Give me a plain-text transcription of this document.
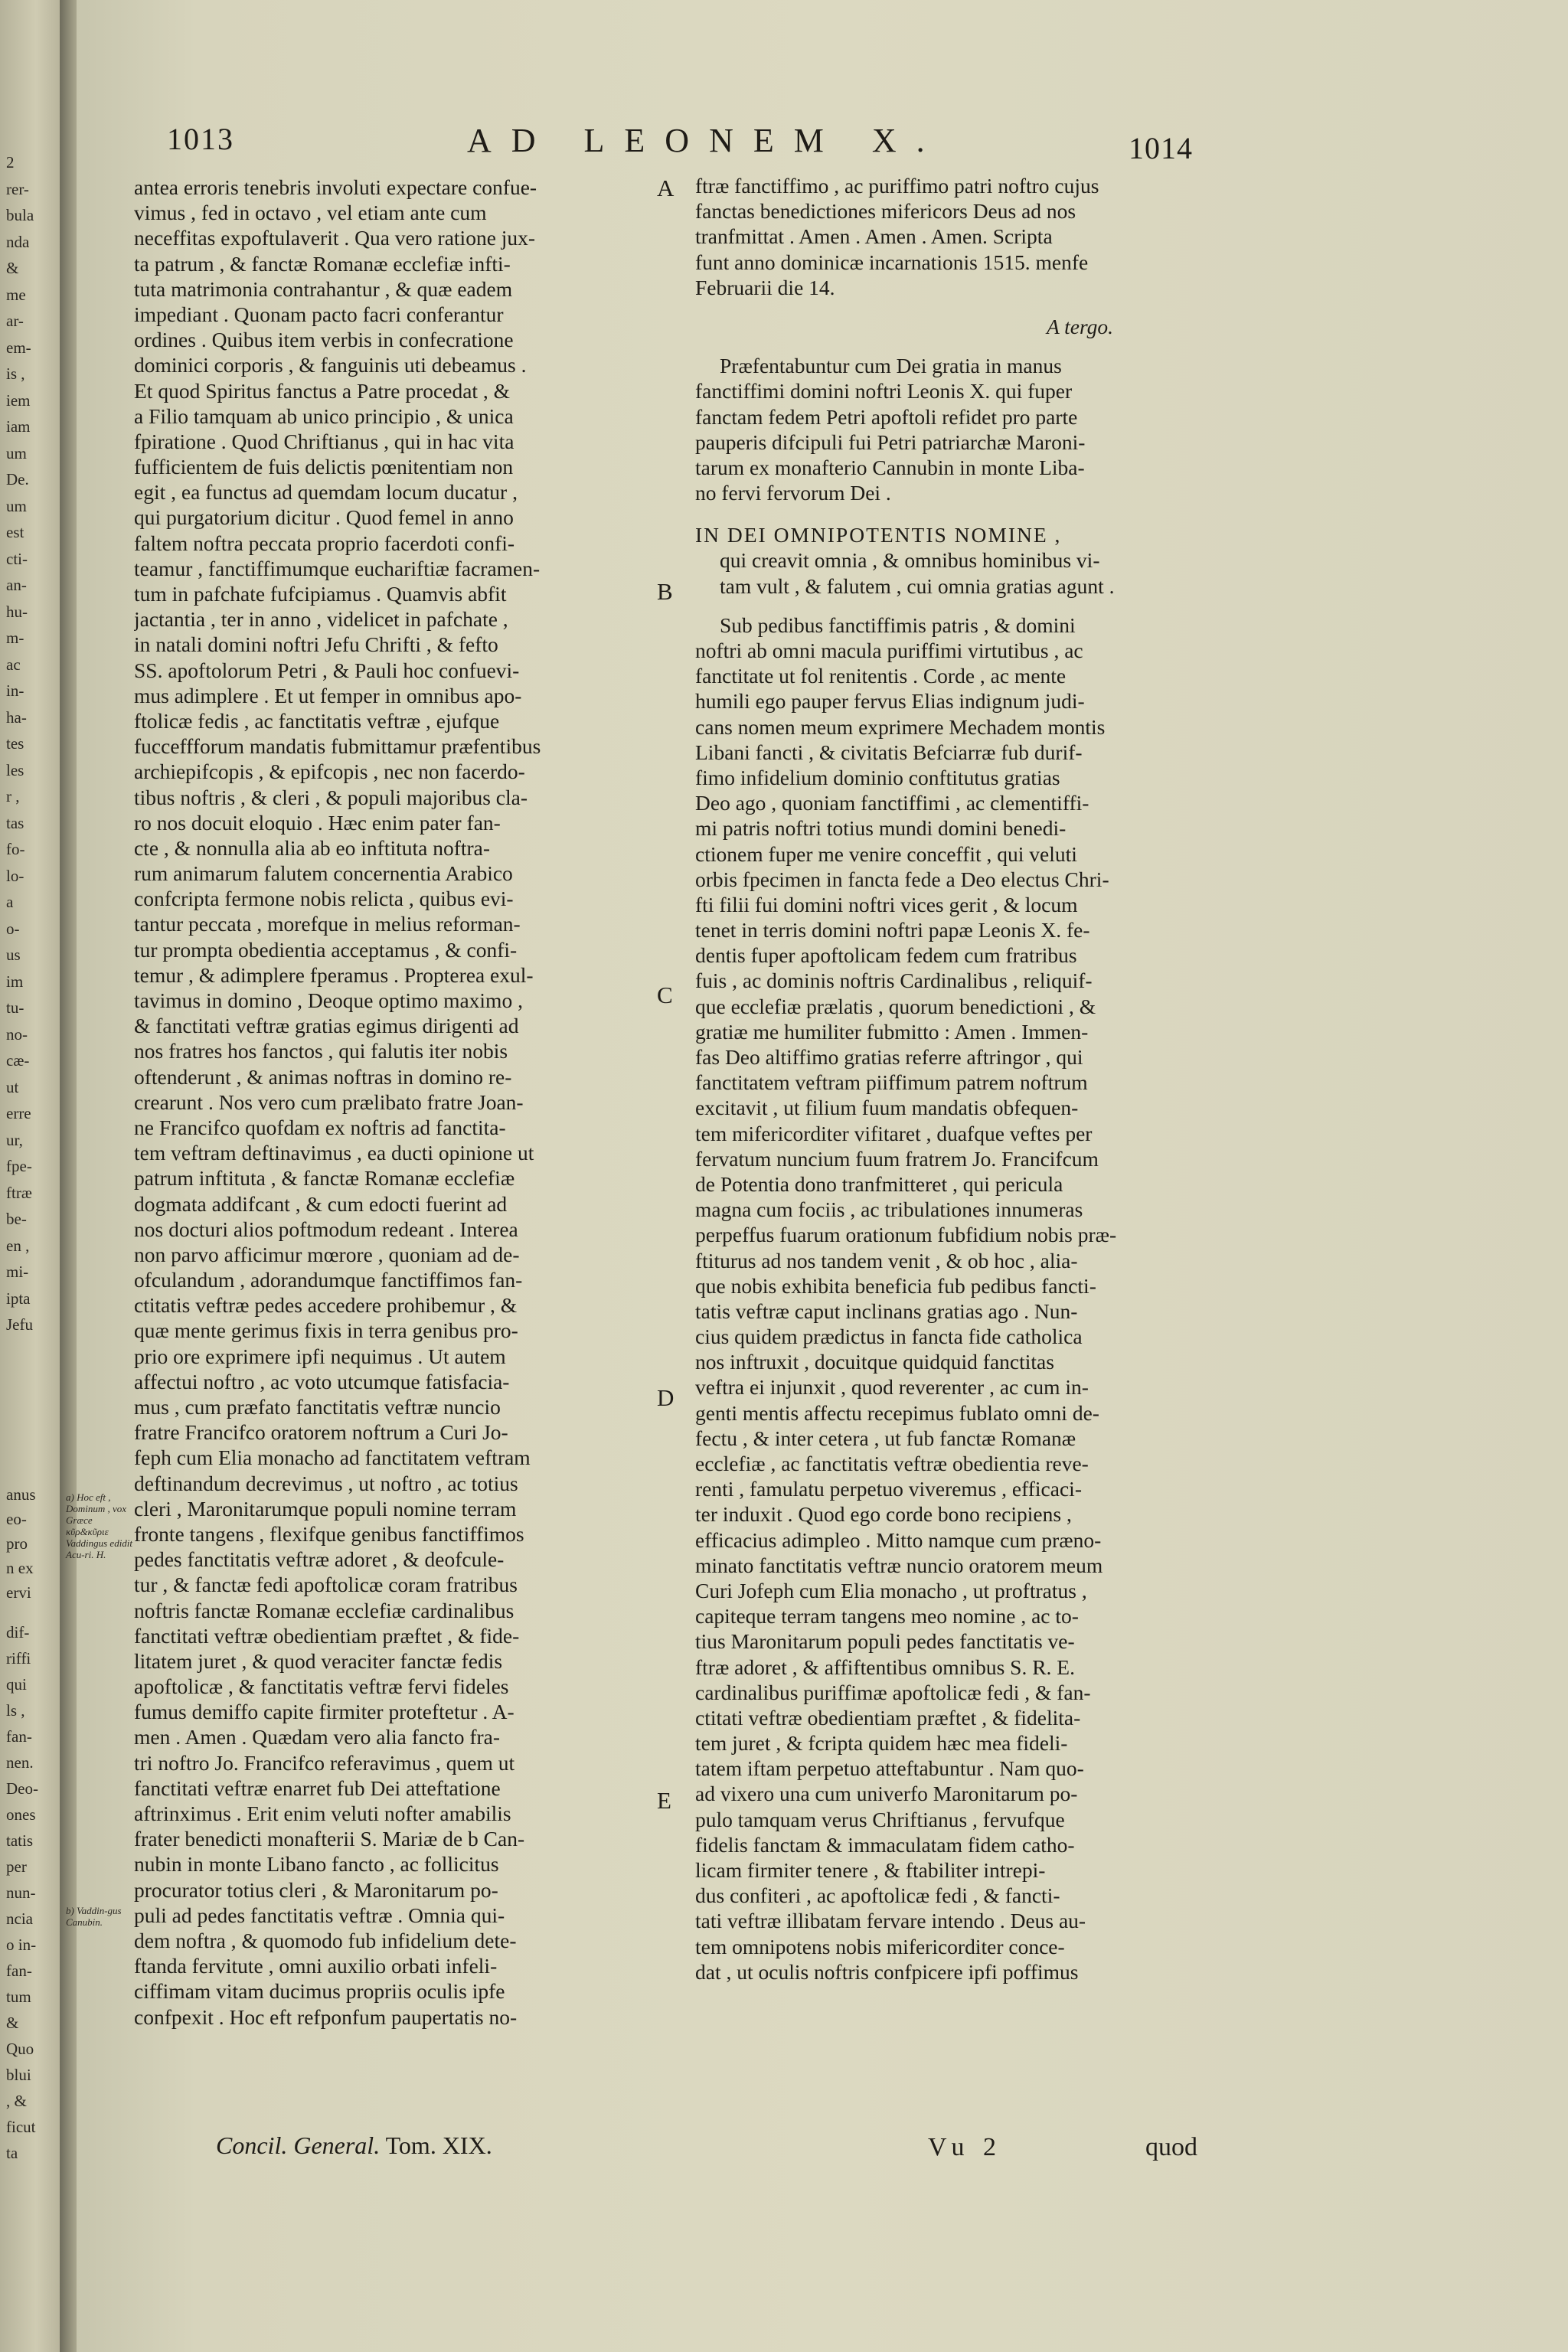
2
rer-
bula
nda
&
me
ar-
em-
is ,
iem
iam
um
De.
um
est
cti-
an-
hu-
m-
ac
in-
ha-
tes
les
r ,
tas
fo-
lo-
a
o-
us
im
tu-
no-
cæ-
ut
erre
ur,
fpe-
ftræ
be-
en ,
mi-
ipta
Jefu
anus
eo-
pro
n ex
ervi
dif-
riffi
qui
ls ,
fan-
nen.
Deo-
ones
tatis
per
nun-
ncia
o in-
fan-
tum
&
Quo
blui
, &
ficut
ta
1013	AD LEONEM X.	1014
antea erroris tenebris involuti expectare confue-
vimus , fed in octavo , vel etiam ante cum
neceffitas expoftulaverit . Qua vero ratione jux-
ta patrum , & fanctæ Romanæ ecclefiæ infti-
tuta matrimonia contrahantur , & quæ eadem
impediant . Quonam pacto facri conferantur
ordines . Quibus item verbis in confecratione
dominici corporis , & fanguinis uti debeamus .
Et quod Spiritus fanctus a Patre procedat , &
a Filio tamquam ab unico principio , & unica
fpiratione . Quod Chriftianus , qui in hac vita
fufficientem de fuis delictis pœnitentiam non
egit , ea functus ad quemdam locum ducatur ,
qui purgatorium dicitur . Quod femel in anno
faltem noftra peccata proprio facerdoti confi-
teamur , fanctiffimumque euchariftiæ facramen-
tum in pafchate fufcipiamus . Quamvis abfit
jactantia , ter in anno , videlicet in pafchate ,
in natali domini noftri Jefu Chrifti , & fefto
SS. apoftolorum Petri , & Pauli hoc confuevi-
mus adimplere . Et ut femper in omnibus apo-
ftolicæ fedis , ac fanctitatis veftræ , ejufque
fucceffforum mandatis fubmittamur præfentibus
archiepifcopis , & epifcopis , nec non facerdo-
tibus noftris , & cleri , & populi majoribus cla-
ro nos docuit eloquio . Hæc enim pater fan-
cte , & nonnulla alia ab eo inftituta noftra-
rum animarum falutem concernentia Arabico
confcripta fermone nobis relicta , quibus evi-
tantur peccata , morefque in melius reforman-
tur prompta obedientia acceptamus , & confi-
temur , & adimplere fperamus . Propterea exul-
tavimus in domino , Deoque optimo maximo ,
& fanctitati veftræ gratias egimus dirigenti ad
nos fratres hos fanctos , qui falutis iter nobis
oftenderunt , & animas noftras in domino re-
crearunt . Nos vero cum prælibato fratre Joan-
ne Francifco quofdam ex noftris ad fanctita-
tem veftram deftinavimus , ea ducti opinione ut
patrum inftituta , & fanctæ Romanæ ecclefiæ
dogmata addifcant , & cum edocti fuerint ad
nos docturi alios poftmodum redeant . Interea
non parvo afficimur mœrore , quoniam ad de-
ofculandum , adorandumque fanctiffimos fan-
ctitatis veftræ pedes accedere prohibemur , &
quæ mente gerimus fixis in terra genibus pro-
prio ore exprimere ipfi nequimus . Ut autem
affectui noftro , ac voto utcumque fatisfacia-
mus , cum præfato fanctitatis veftræ nuncio
fratre Francifco oratorem noftrum a Curi Jo-
feph cum Elia monacho ad fanctitatem veftram
deftinandum decrevimus , ut noftro , ac totius
cleri , Maronitarumque populi nomine terram
fronte tangens , flexifque genibus fanctiffimos
pedes fanctitatis veftræ adoret , & deofcule-
tur , & fanctæ fedi apoftolicæ coram fratribus
noftris fanctæ Romanæ ecclefiæ cardinalibus
fanctitati veftræ obedientiam præftet , & fide-
litatem juret , & quod veraciter fanctæ fedis
apoftolicæ , & fanctitatis veftræ fervi fideles
fumus demiffo capite firmiter proteftetur . A-
men . Amen . Quædam vero alia fancto fra-
tri noftro Jo. Francifco referavimus , quem ut
fanctitati veftræ enarret fub Dei atteftatione
aftrinximus . Erit enim veluti nofter amabilis
frater benedicti monafterii S. Mariæ de b Can-
nubin in monte Libano fancto , ac follicitus
procurator totius cleri , & Maronitarum po-
puli ad pedes fanctitatis veftræ . Omnia qui-
dem noftra , & quomodo fub infidelium dete-
ftanda fervitute , omni auxilio orbati infeli-
ciffimam vitam ducimus propriis oculis ipfe
confpexit . Hoc eft refponfum paupertatis no-
A
B
C
D
E
a) Hoc eft , Dominum , vox Græce κῦρ&κῦριε Vaddingus edidit Acu-ri. H.
b) Vaddin-gus Canubin.
ftræ fanctiffimo , ac puriffimo patri noftro cujus
fanctas benedictiones mifericors Deus ad nos
tranfmittat . Amen . Amen . Amen. Scripta
funt anno dominicæ incarnationis 1515. menfe
Februarii die 14.
A tergo.
Præfentabuntur cum Dei gratia in manus
fanctiffimi domini noftri Leonis X. qui fuper
fanctam fedem Petri apoftoli refidet pro parte
pauperis difcipuli fui Petri patriarchæ Maroni-
tarum ex monafterio Cannubin in monte Liba-
no fervi fervorum Dei .
IN DEI OMNIPOTENTIS NOMINE ,
qui creavit omnia , & omnibus hominibus vi-
tam vult , & falutem , cui omnia gratias agunt .
Sub pedibus fanctiffimis patris , & domini
noftri ab omni macula puriffimi virtutibus , ac
fanctitate ut fol renitentis . Corde , ac mente
humili ego pauper fervus Elias indignum judi-
cans nomen meum exprimere Mechadem montis
Libani fancti , & civitatis Befciarræ fub durif-
fimo infidelium dominio conftitutus gratias
Deo ago , quoniam fanctiffimi , ac clementiffi-
mi patris noftri totius mundi domini benedi-
ctionem fuper me venire conceffit , qui veluti
orbis fpecimen in fancta fede a Deo electus Chri-
fti filii fui domini noftri vices gerit , & locum
tenet in terris domini noftri papæ Leonis X. fe-
dentis fuper apoftolicam fedem cum fratribus
fuis , ac dominis noftris Cardinalibus , reliquif-
que ecclefiæ prælatis , quorum benedictioni , &
gratiæ me humiliter fubmitto : Amen . Immen-
fas Deo altiffimo gratias referre aftringor , qui
fanctitatem veftram piiffimum patrem noftrum
excitavit , ut filium fuum mandatis obfequen-
tem mifericorditer vifitaret , duafque veftes per
fervatum nuncium fuum fratrem Jo. Francifcum
de Potentia dono tranfmitteret , qui pericula
magna cum fociis , ac tribulationes innumeras
perpeffus fuarum orationum fubfidium nobis præ-
ftiturus ad nos tandem venit , & ob hoc , alia-
que nobis exhibita beneficia fub pedibus fancti-
tatis veftræ caput inclinans gratias ago . Nun-
cius quidem prædictus in fancta fide catholica
nos inftruxit , docuitque quidquid fanctitas
veftra ei injunxit , quod reverenter , ac cum in-
genti mentis affectu recepimus fublato omni de-
fectu , & inter cetera , ut fub fanctæ Romanæ
ecclefiæ , ac fanctitatis veftræ obedientia reve-
renti , famulatu perpetuo viveremus , efficaci-
ter induxit . Quod ego corde bono recipiens ,
efficacius adimpleo . Mitto namque cum præno-
minato fanctitatis veftræ nuncio oratorem meum
Curi Jofeph cum Elia monacho , ut proftratus ,
capiteque terram tangens meo nomine , ac to-
tius Maronitarum populi pedes fanctitatis ve-
ftræ adoret , & affiftentibus omnibus S. R. E.
cardinalibus puriffimæ apoftolicæ fedi , & fan-
ctitati veftræ obedientiam præftet , & fidelita-
tem juret , & fcripta quidem hæc mea fideli-
tatem iftam perpetuo atteftabuntur . Nam quo-
ad vixero una cum univerfo Maronitarum po-
pulo tamquam verus Chriftianus , fervufque
fidelis fanctam & immaculatam fidem catho-
licam firmiter tenere , & ftabiliter intrepi-
dus confiteri , ac apoftolicæ fedi , & fancti-
tati veftræ illibatam fervare intendo . Deus au-
tem omnipotens nobis mifericorditer conce-
dat , ut oculis noftris confpicere ipfi poffimus
Concil. General. Tom. XIX.	Vu 2	quod
